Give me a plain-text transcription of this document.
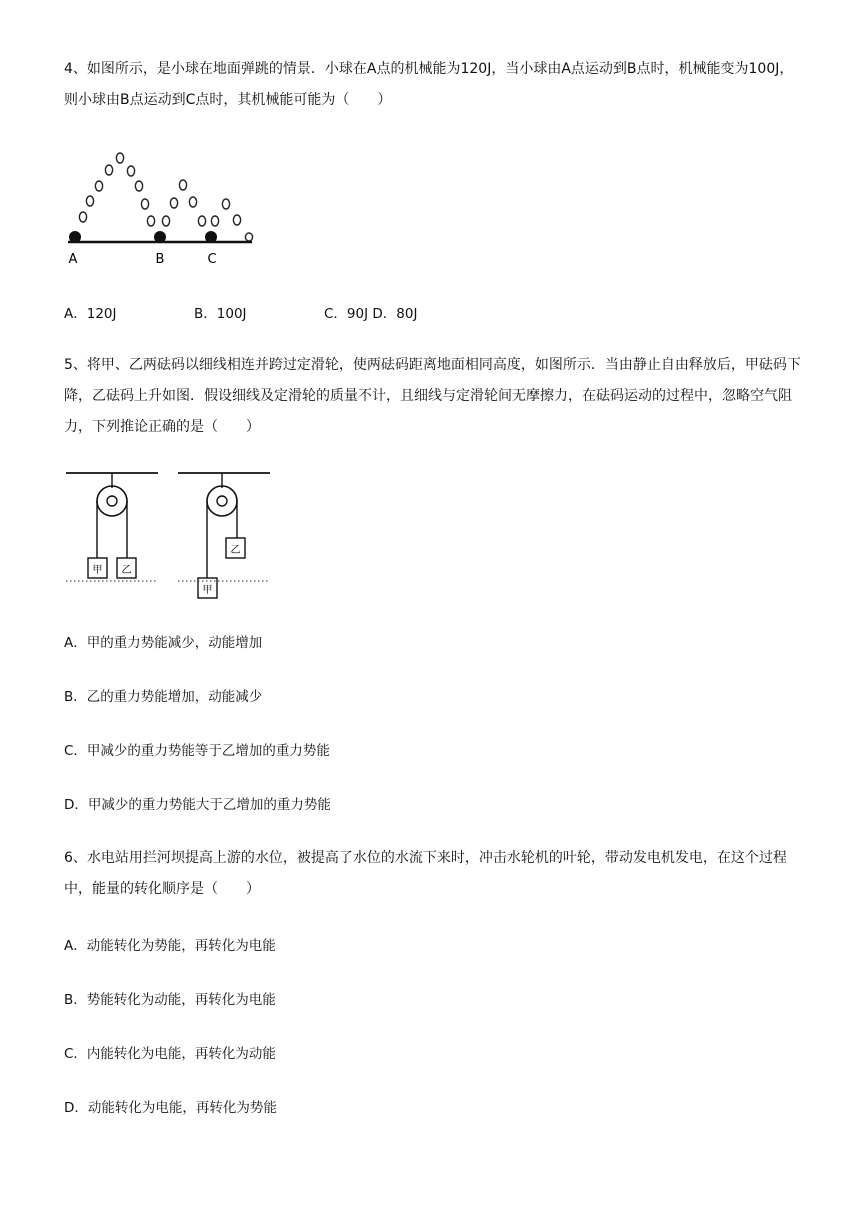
4、如图所示，是小球在地面弹跳的情景．小球在A点的机械能为120J，当小球由A点运动到B点时，机械能变为100J，则小球由B点运动到C点时，其机械能可能为（　　）
A	B	C
A．120J	B．100J	C．90J D．80J
5、将甲、乙两砝码以细线相连并跨过定滑轮，使两砝码距离地面相同高度，如图所示．当由静止自由释放后，甲砝码下降，乙砝码上升如图．假设细线及定滑轮的质量不计，且细线与定滑轮间无摩擦力，在砝码运动的过程中，忽略空气阻力，下列推论正确的是（　　）
甲 乙
甲
乙
A．甲的重力势能减少，动能增加
B．乙的重力势能增加，动能减少
C．甲减少的重力势能等于乙增加的重力势能
D．甲减少的重力势能大于乙增加的重力势能
6、水电站用拦河坝提高上游的水位，被提高了水位的水流下来时，冲击水轮机的叶轮，带动发电机发电，在这个过程中，能量的转化顺序是（　　）
A．动能转化为势能，再转化为电能
B．势能转化为动能，再转化为电能
C．内能转化为电能，再转化为动能
D．动能转化为电能，再转化为势能
